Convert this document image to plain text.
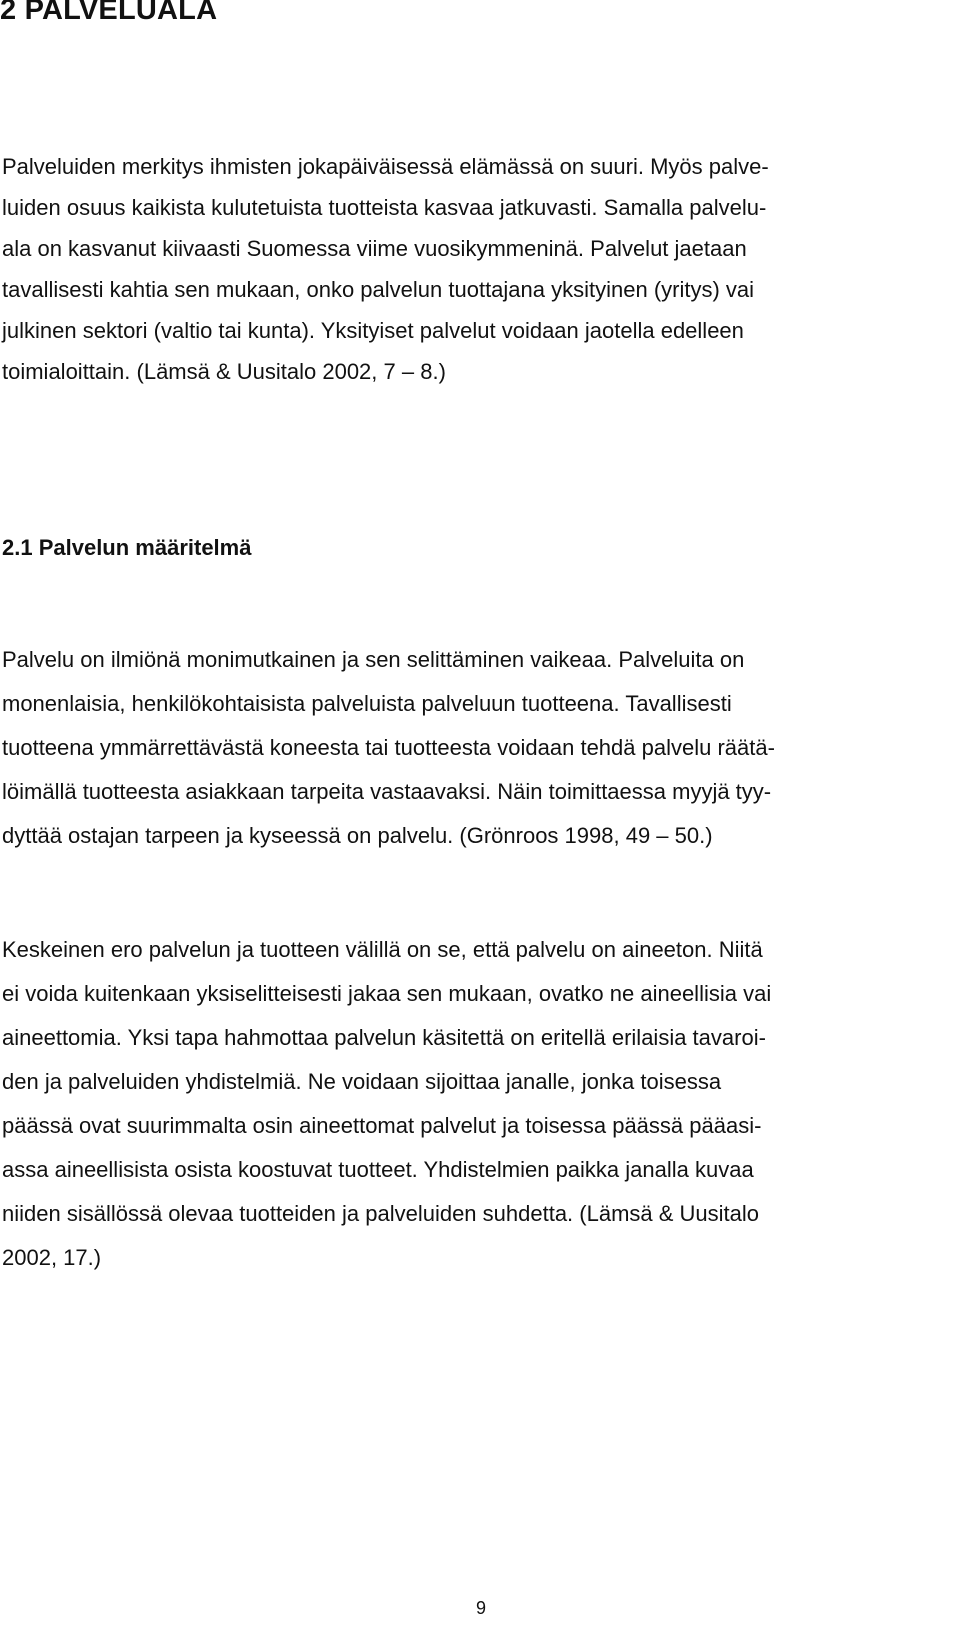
2 PALVELUALA
Palveluiden merkitys ihmisten jokapäiväisessä elämässä on suuri. Myös palve-
luiden osuus kaikista kulutetuista tuotteista kasvaa jatkuvasti. Samalla palvelu-
ala on kasvanut kiivaasti Suomessa viime vuosikymmeninä. Palvelut jaetaan
tavallisesti kahtia sen mukaan, onko palvelun tuottajana yksityinen (yritys) vai
julkinen sektori (valtio tai kunta). Yksityiset palvelut voidaan jaotella edelleen
toimialoittain. (Lämsä & Uusitalo 2002, 7 – 8.)
2.1 Palvelun määritelmä
Palvelu on ilmiönä monimutkainen ja sen selittäminen vaikeaa. Palveluita on
monenlaisia, henkilökohtaisista palveluista palveluun tuotteena. Tavallisesti
tuotteena ymmärrettävästä koneesta tai tuotteesta voidaan tehdä palvelu räätä-
löimällä tuotteesta asiakkaan tarpeita vastaavaksi. Näin toimittaessa myyjä tyy-
dyttää ostajan tarpeen ja kyseessä on palvelu. (Grönroos 1998, 49 – 50.)
Keskeinen ero palvelun ja tuotteen välillä on se, että palvelu on aineeton. Niitä
ei voida kuitenkaan yksiselitteisesti jakaa sen mukaan, ovatko ne aineellisia vai
aineettomia. Yksi tapa hahmottaa palvelun käsitettä on eritellä erilaisia tavaroi-
den ja palveluiden yhdistelmiä. Ne voidaan sijoittaa janalle, jonka toisessa
päässä ovat suurimmalta osin aineettomat palvelut ja toisessa päässä pääasi-
assa aineellisista osista koostuvat tuotteet. Yhdistelmien paikka janalla kuvaa
niiden sisällössä olevaa tuotteiden ja palveluiden suhdetta. (Lämsä & Uusitalo
2002, 17.)

9
